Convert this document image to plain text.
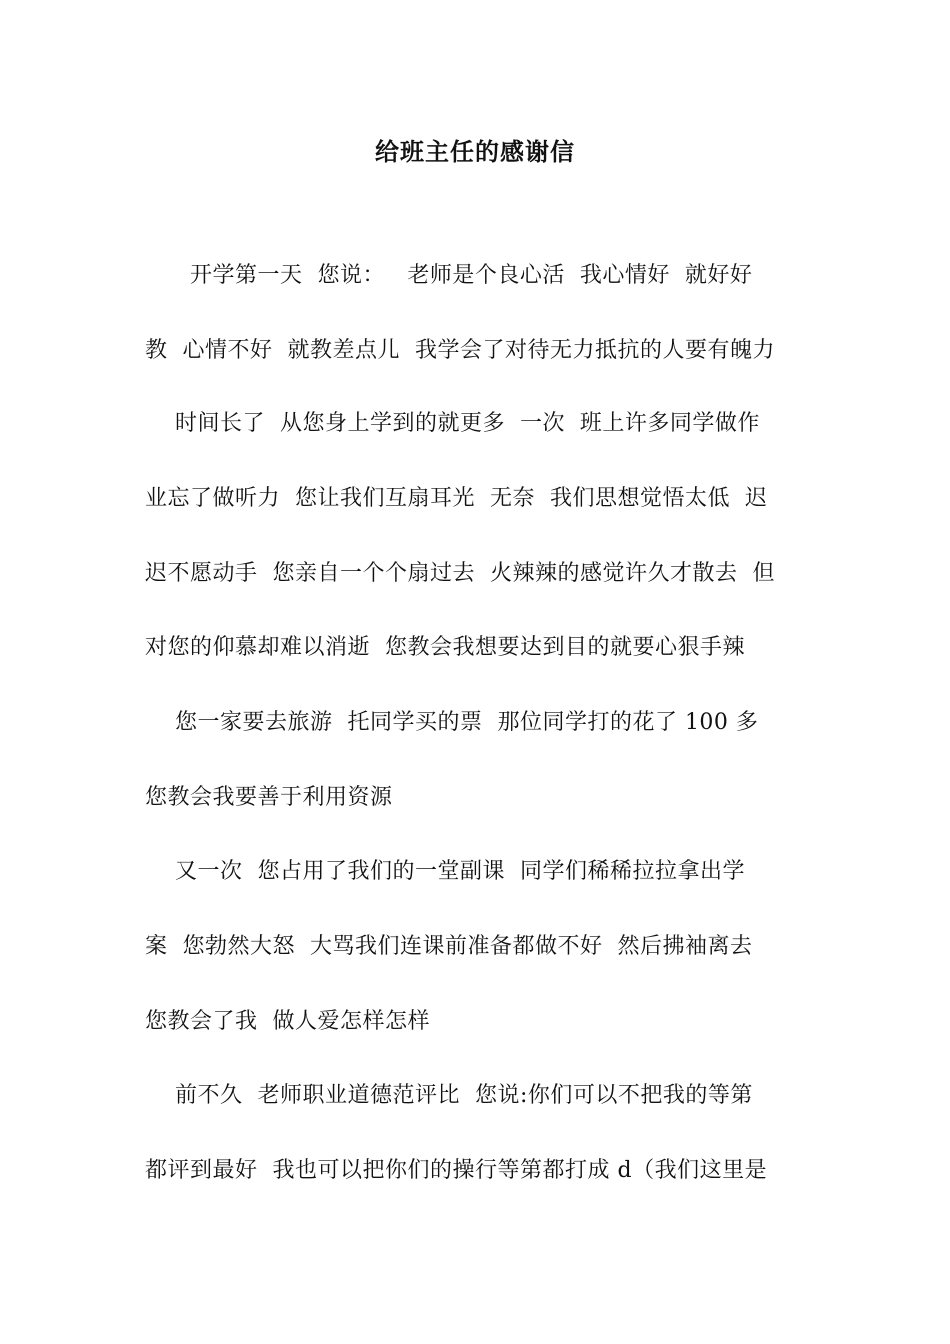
给班主任的感谢信
开学第一天  您说：   老师是个良心活  我心情好  就好好
教  心情不好  就教差点儿  我学会了对待无力抵抗的人要有魄力
时间长了  从您身上学到的就更多  一次  班上许多同学做作
业忘了做听力  您让我们互扇耳光  无奈  我们思想觉悟太低  迟
迟不愿动手  您亲自一个个扇过去  火辣辣的感觉许久才散去  但
对您的仰慕却难以消逝  您教会我想要达到目的就要心狠手辣
您一家要去旅游  托同学买的票  那位同学打的花了 100 多
您教会我要善于利用资源
又一次  您占用了我们的一堂副课  同学们稀稀拉拉拿出学
案  您勃然大怒  大骂我们连课前准备都做不好  然后拂袖离去
您教会了我  做人爱怎样怎样
前不久  老师职业道德范评比  您说:你们可以不把我的等第
都评到最好  我也可以把你们的操行等第都打成 d（我们这里是
